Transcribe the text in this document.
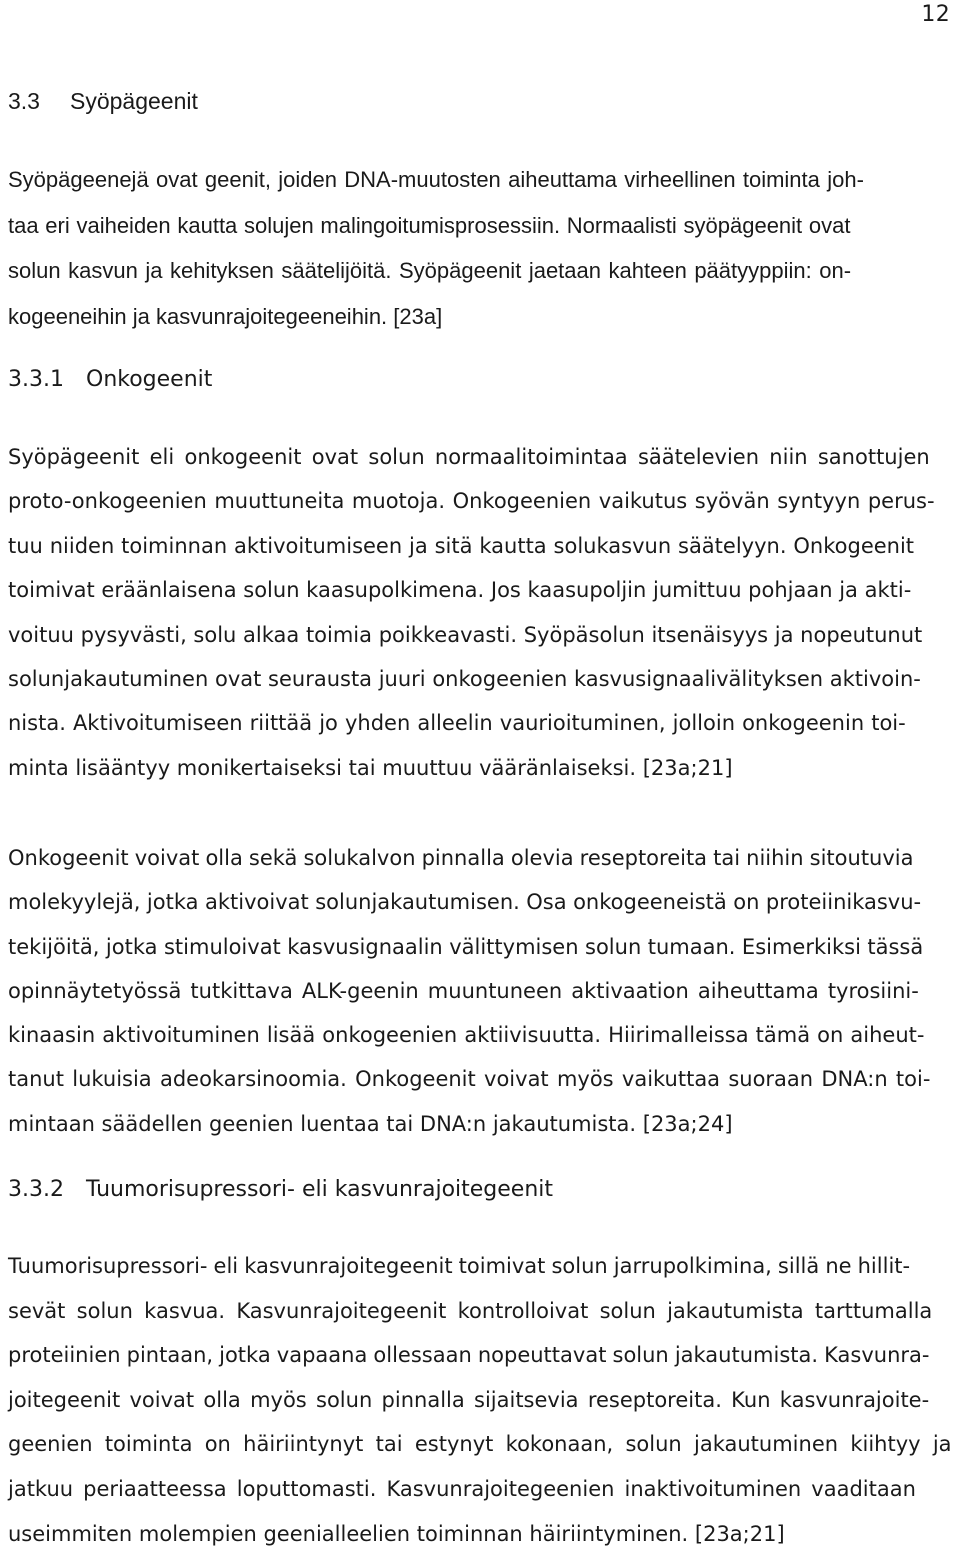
12
3.3 Syöpägeenit
Syöpägeenejä ovat geenit, joiden DNA-muutosten aiheuttama virheellinen toiminta joh-
taa eri vaiheiden kautta solujen malingoitumisprosessiin. Normaalisti syöpägeenit ovat
solun kasvun ja kehityksen säätelijöitä. Syöpägeenit jaetaan kahteen päätyyppiin: on-
kogeeneihin ja kasvunrajoitegeeneihin. [23a]
3.3.1 Onkogeenit
Syöpägeenit eli onkogeenit ovat solun normaalitoimintaa säätelevien niin sanottujen
proto-onkogeenien muuttuneita muotoja. Onkogeenien vaikutus syövän syntyyn perus-
tuu niiden toiminnan aktivoitumiseen ja sitä kautta solukasvun säätelyyn. Onkogeenit
toimivat eräänlaisena solun kaasupolkimena. Jos kaasupoljin jumittuu pohjaan ja akti-
voituu pysyvästi, solu alkaa toimia poikkeavasti. Syöpäsolun itsenäisyys ja nopeutunut
solunjakautuminen ovat seurausta juuri onkogeenien kasvusignaalivälityksen aktivoin-
nista. Aktivoitumiseen riittää jo yhden alleelin vaurioituminen, jolloin onkogeenin toi-
minta lisääntyy monikertaiseksi tai muuttuu vääränlaiseksi. [23a;21]
Onkogeenit voivat olla sekä solukalvon pinnalla olevia reseptoreita tai niihin sitoutuvia
molekyylejä, jotka aktivoivat solunjakautumisen. Osa onkogeeneistä on proteiinikasvu-
tekijöitä, jotka stimuloivat kasvusignaalin välittymisen solun tumaan. Esimerkiksi tässä
opinnäytetyössä tutkittava ALK-geenin muuntuneen aktivaation aiheuttama tyrosiini-
kinaasin aktivoituminen lisää onkogeenien aktiivisuutta. Hiirimalleissa tämä on aiheut-
tanut lukuisia adeokarsinoomia. Onkogeenit voivat myös vaikuttaa suoraan DNA:n toi-
mintaan säädellen geenien luentaa tai DNA:n jakautumista. [23a;24]
3.3.2 Tuumorisupressori- eli kasvunrajoitegeenit
Tuumorisupressori- eli kasvunrajoitegeenit toimivat solun jarrupolkimina, sillä ne hillit-
sevät solun kasvua. Kasvunrajoitegeenit kontrolloivat solun jakautumista tarttumalla
proteiinien pintaan, jotka vapaana ollessaan nopeuttavat solun jakautumista. Kasvunra-
joitegeenit voivat olla myös solun pinnalla sijaitsevia reseptoreita. Kun kasvunrajoite-
geenien toiminta on häiriintynyt tai estynyt kokonaan, solun jakautuminen kiihtyy ja
jatkuu periaatteessa loputtomasti. Kasvunrajoitegeenien inaktivoituminen vaaditaan
useimmiten molempien geenialleelien toiminnan häiriintyminen. [23a;21]
